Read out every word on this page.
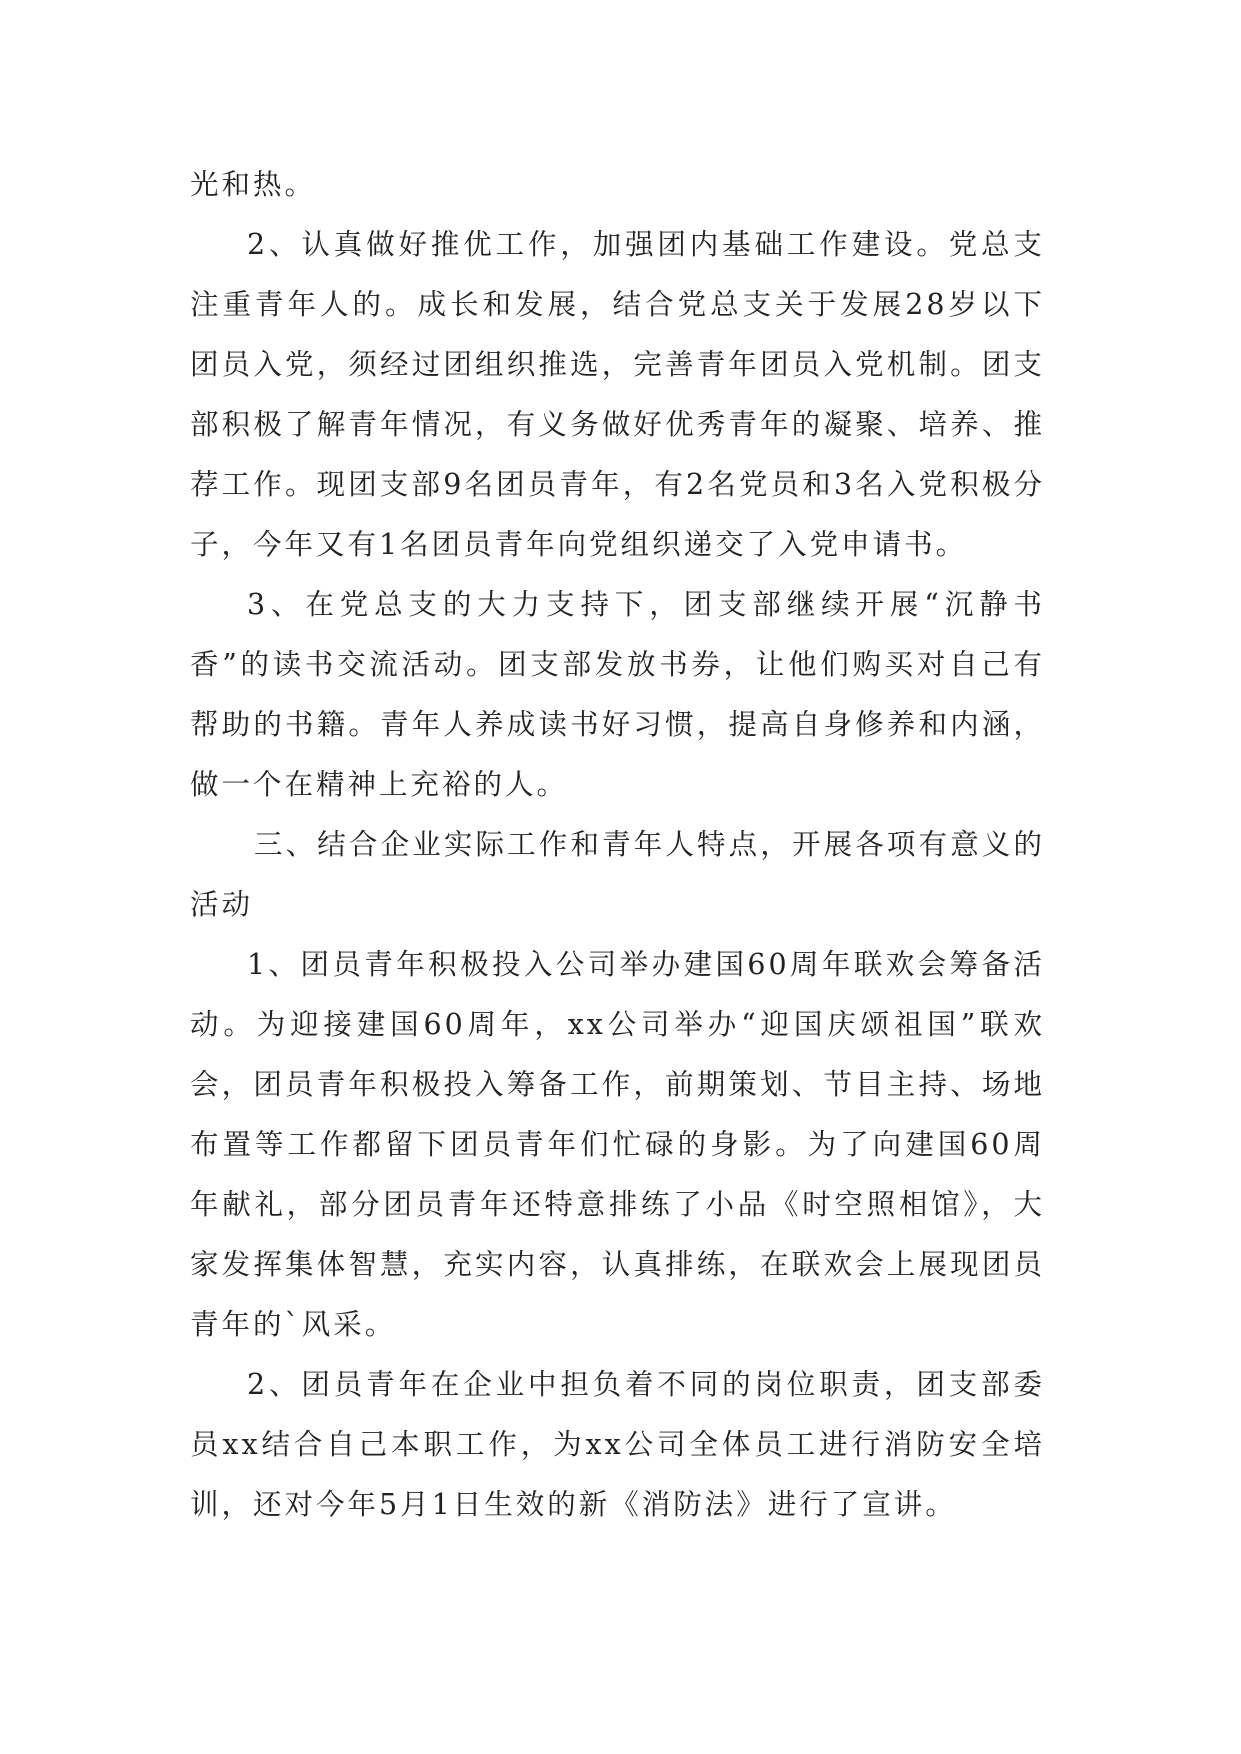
光和热。

2、认真做好推优工作，加强团内基础工作建设。党总支注重青年人的。成长和发展，结合党总支关于发展28岁以下团员入党，须经过团组织推选，完善青年团员入党机制。团支部积极了解青年情况，有义务做好优秀青年的凝聚、培养、推荐工作。现团支部9名团员青年，有2名党员和3名入党积极分子，今年又有1名团员青年向党组织递交了入党申请书。

3、在党总支的大力支持下，团支部继续开展“沉静书香”的读书交流活动。团支部发放书券，让他们购买对自己有帮助的书籍。青年人养成读书好习惯，提高自身修养和内涵，做一个在精神上充裕的人。

三、结合企业实际工作和青年人特点，开展各项有意义的活动

1、团员青年积极投入公司举办建国60周年联欢会筹备活动。为迎接建国60周年，xx公司举办“迎国庆颂祖国”联欢会，团员青年积极投入筹备工作，前期策划、节目主持、场地布置等工作都留下团员青年们忙碌的身影。为了向建国60周年献礼，部分团员青年还特意排练了小品《时空照相馆》，大家发挥集体智慧，充实内容，认真排练，在联欢会上展现团员青年的`风采。

2、团员青年在企业中担负着不同的岗位职责，团支部委员xx结合自己本职工作，为xx公司全体员工进行消防安全培训，还对今年5月1日生效的新《消防法》进行了宣讲。
